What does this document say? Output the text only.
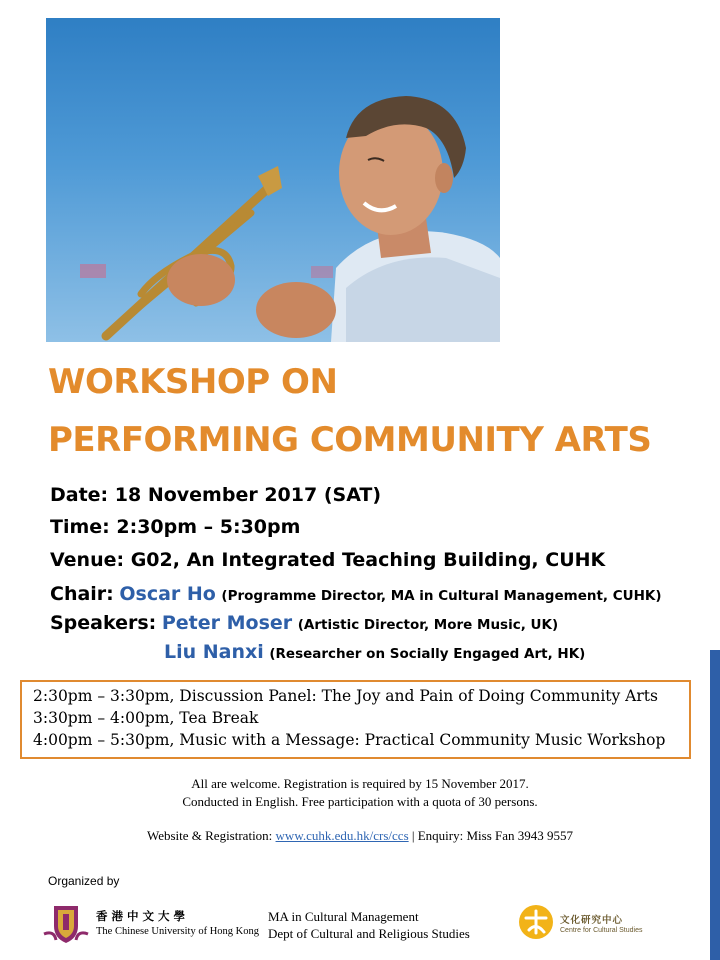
WORKSHOP ON
PERFORMING COMMUNITY ARTS
Date: 18 November 2017 (SAT)
Time: 2:30pm – 5:30pm
Venue: G02, An Integrated Teaching Building, CUHK
Chair: Oscar Ho (Programme Director, MA in Cultural Management, CUHK)
Speakers: Peter Moser (Artistic Director, More Music, UK)
Liu Nanxi (Researcher on Socially Engaged Art, HK)
2:30pm – 3:30pm, Discussion Panel: The Joy and Pain of Doing Community Arts
3:30pm – 4:00pm, Tea Break
4:00pm – 5:30pm, Music with a Message: Practical Community Music Workshop
All are welcome. Registration is required by 15 November 2017.
Conducted in English. Free participation with a quota of 30 persons.
Website & Registration: www.cuhk.edu.hk/crs/ccs | Enquiry: Miss Fan 3943 9557
Organized by
香港中文大學
The Chinese University of Hong Kong
MA in Cultural Management
Dept of Cultural and Religious Studies
文化研究中心
Centre for Cultural Studies
